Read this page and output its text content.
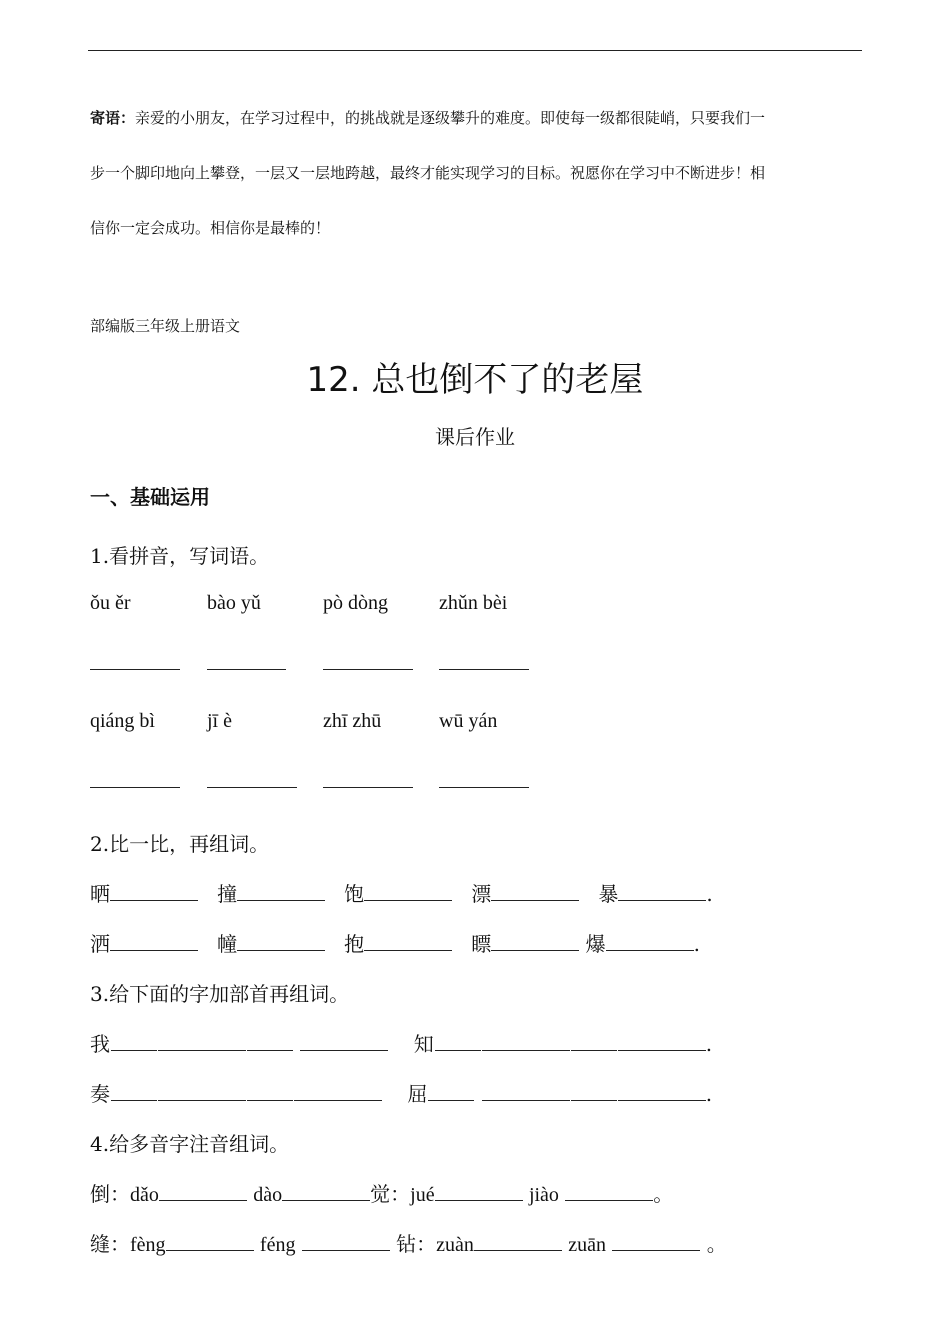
寄语：亲爱的小朋友，在学习过程中，的挑战就是逐级攀升的难度。即使每一级都很陡峭，只要我们一
步一个脚印地向上攀登，一层又一层地跨越，最终才能实现学习的目标。祝愿你在学习中不断进步！相
信你一定会成功。相信你是最棒的！
部编版三年级上册语文
12. 总也倒不了的老屋
课后作业
一、基础运用
1.看拼音，写词语。
ǒu ěr	bào yǔ	pò dòng	zhǔn bèi
qiáng bì	jī è	zhī zhū	wū yán
2.比一比，再组词。
晒	撞	饱	漂	暴	.
洒	幢	抱	瞟	爆	.
3.给下面的字加部首再组词。
我	知	.
奏	屈	.
4.给多音字注音组词。
倒：dǎo	dào	觉：jué	jiào	。
缝：fèng	féng	钻：zuàn	zuān	。
